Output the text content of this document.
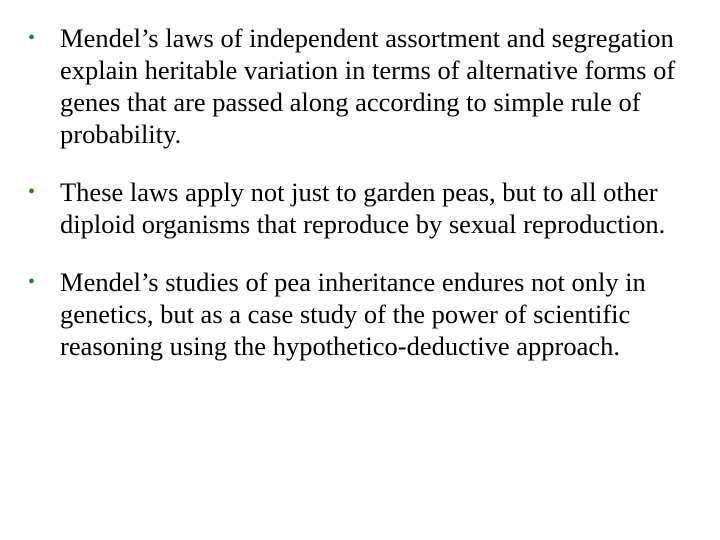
• Mendel’s laws of independent assortment and segregation explain heritable variation in terms of alternative forms of genes that are passed along according to simple rule of probability.
• These laws apply not just to garden peas, but to all other diploid organisms that reproduce by sexual reproduction.
• Mendel’s studies of pea inheritance endures not only in genetics, but as a case study of the power of scientific reasoning using the hypothetico-deductive approach.
